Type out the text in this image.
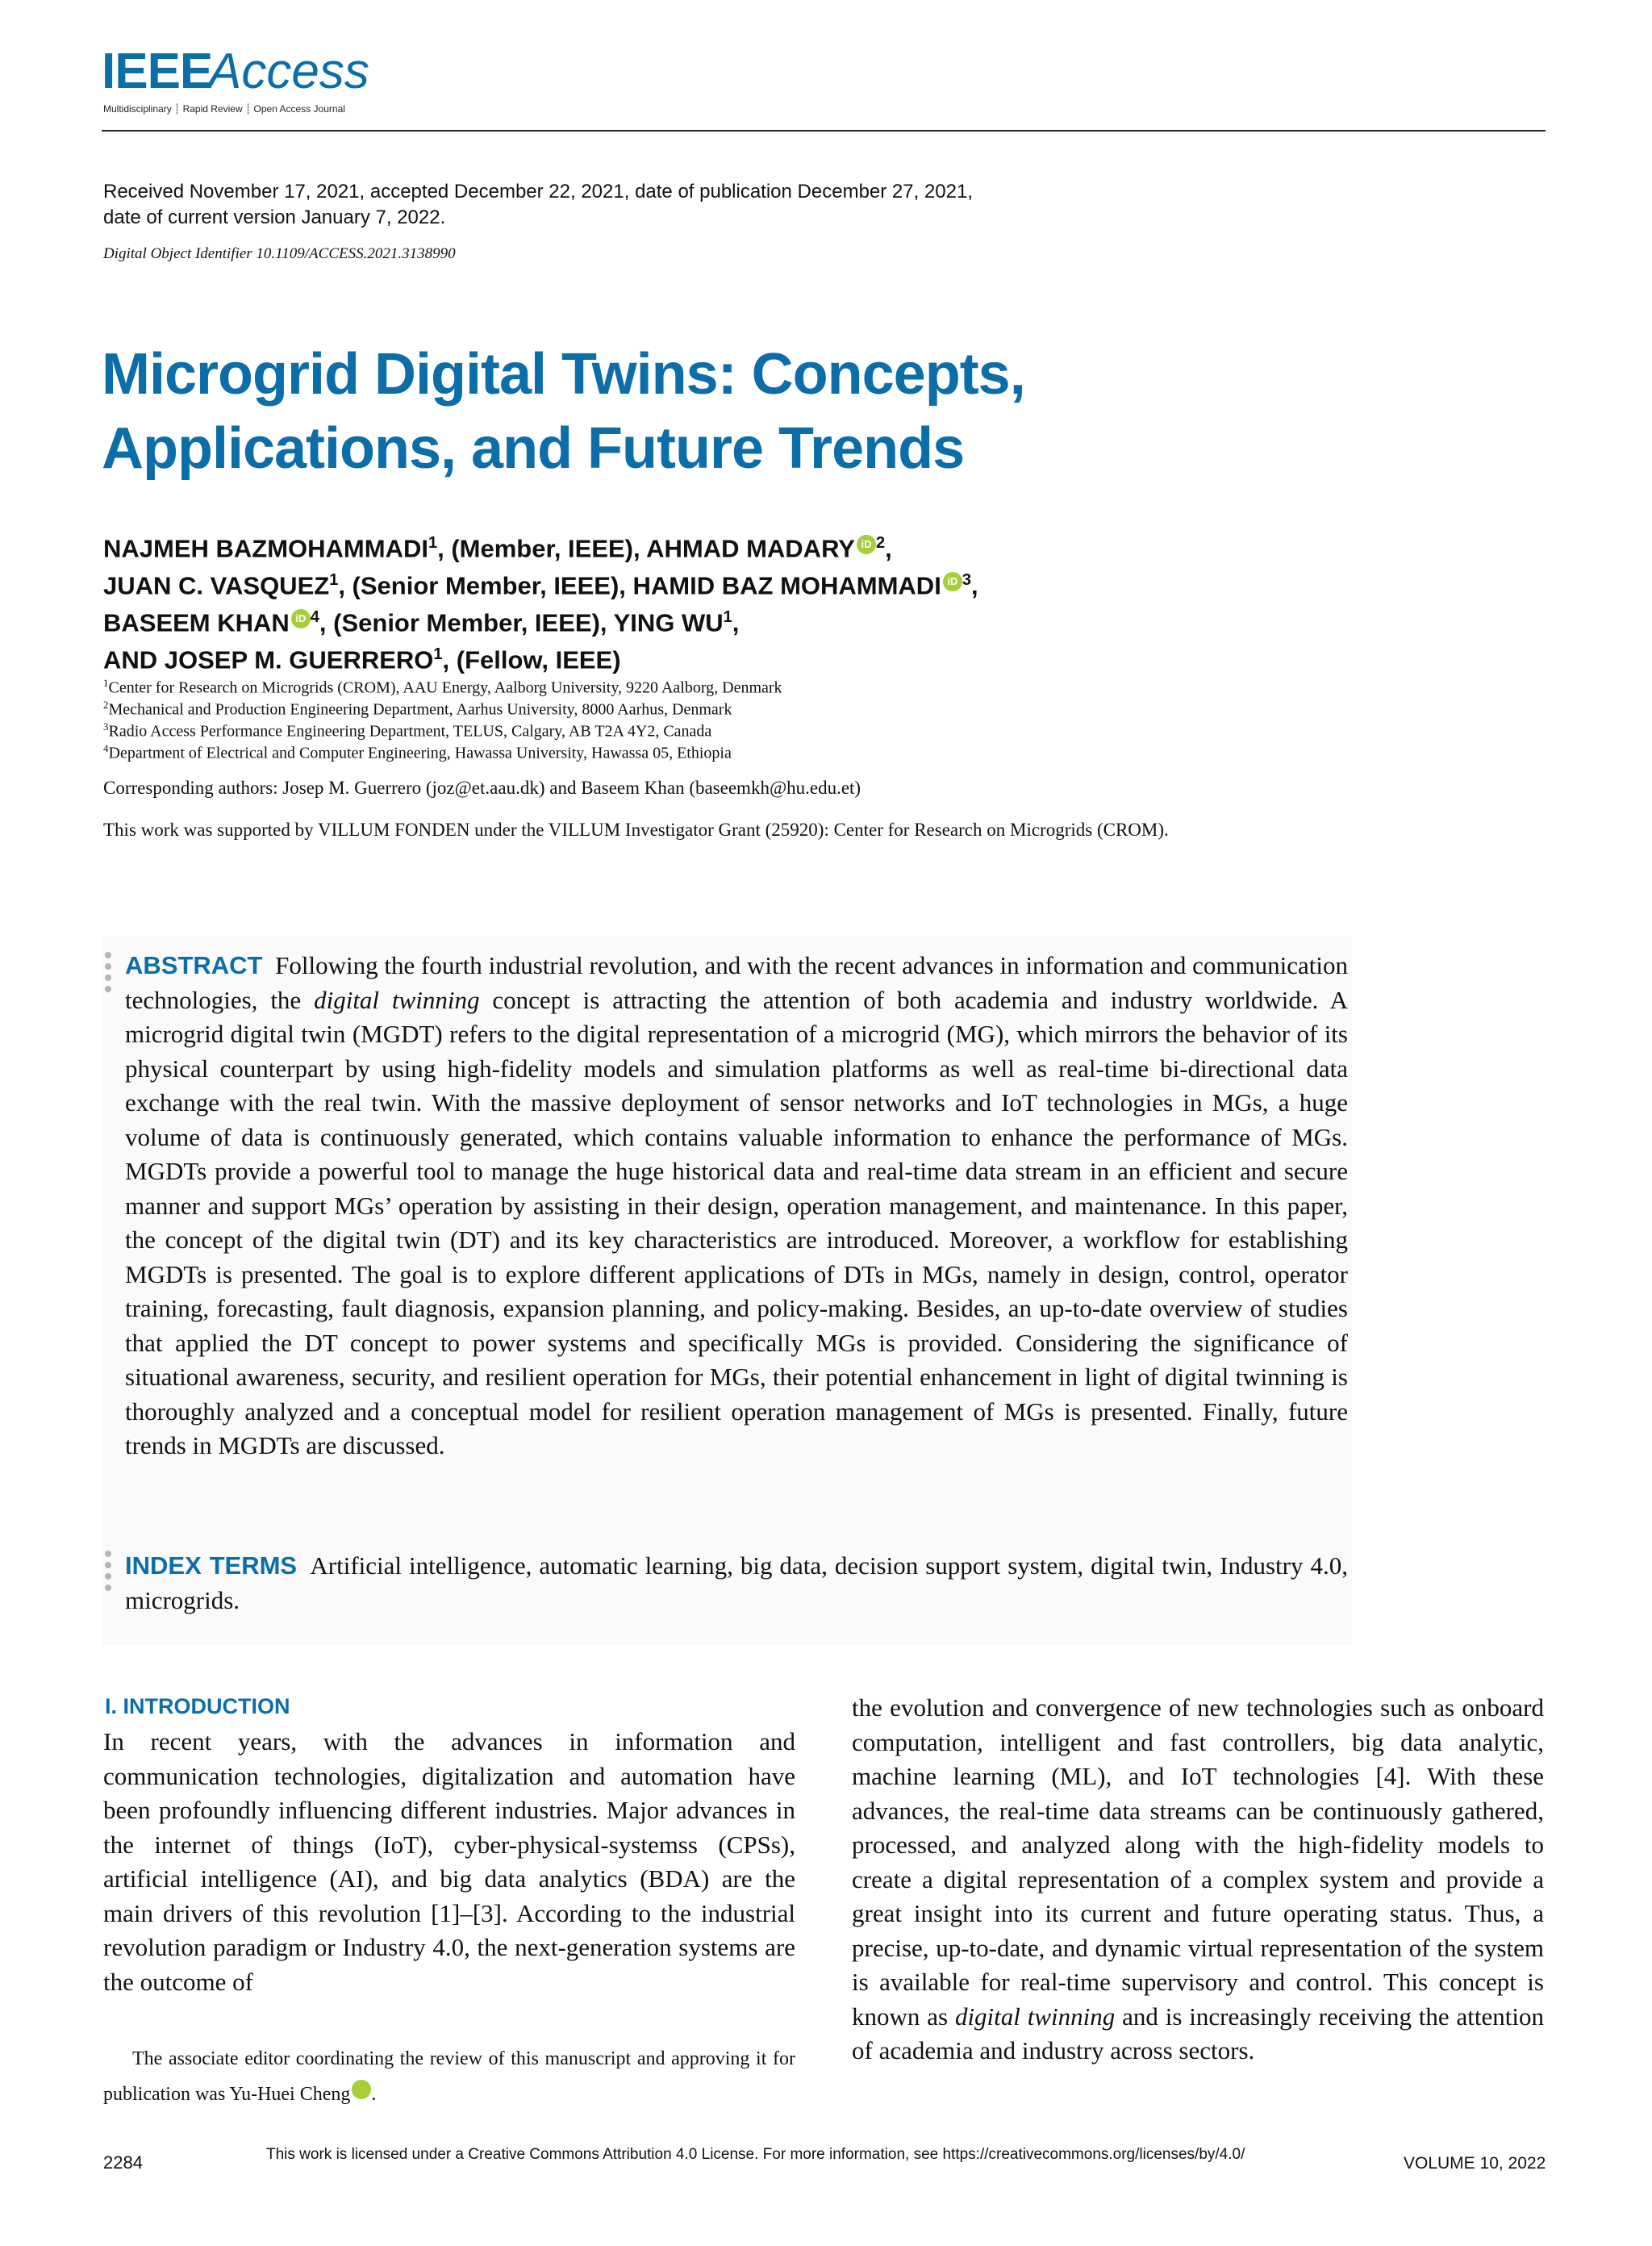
IEEE
Access
Multidisciplinary ┊ Rapid Review ┊ Open Access Journal
Received November 17, 2021, accepted December 22, 2021, date of publication December 27, 2021,
date of current version January 7, 2022.
Digital Object Identifier 10.1109/ACCESS.2021.3138990
Microgrid Digital Twins: Concepts, Applications, and Future Trends
NAJMEH BAZMOHAMMADI$^1$, (Member, IEEE), AHMAD MADARY iD $^2$,
JUAN C. VASQUEZ$^1$, (Senior Member, IEEE), HAMID BAZ MOHAMMADI iD $^3$,
BASEEM KHAN iD $^4$, (Senior Member, IEEE), YING $WU^1$,
AND JOSEP M. GUERRERO$^1$, (Fellow, IEEE)
$^1$Center for Research on Microgrids (CROM), AAU Energy, Aalborg University, 9220 Aalborg, Denmark
$^2$Mechanical and Production Engineering Department, Aarhus University, 8000 Aarhus, Denmark
$^3$Radio Access Performance Engineering Department, TELUS, Calgary, AB T2A 4Y2, Canada
$^4$Department of Electrical and Computer Engineering, Hawassa University, Hawassa 05, Ethiopia
Corresponding authors: Josep M. Guerrero (joz@et.aau.dk) and Baseem Khan (baseemkh@hu.edu.et)
This work was supported by VILLUM FONDEN under the VILLUM Investigator Grant (25920): Center for Research on Microgrids (CROM).
ABSTRACT Following the fourth industrial revolution, and with the recent advances in information and communication technologies, the digital twinning concept is attracting the attention of both academia and industry worldwide. A microgrid digital twin (MGDT) refers to the digital representation of a microgrid (MG), which mirrors the behavior of its physical counterpart by using high-fidelity models and simulation platforms as well as real-time bi-directional data exchange with the real twin. With the massive deployment of sensor networks and IoT technologies in MGs, a huge volume of data is continuously generated, which contains valuable information to enhance the performance of MGs. MGDTs provide a powerful tool to manage the huge historical data and real-time data stream in an efficient and secure manner and support MGs’ operation by assisting in their design, operation management, and maintenance. In this paper, the concept of the digital twin (DT) and its key characteristics are introduced. Moreover, a workflow for establishing MGDTs is presented. The goal is to explore different applications of DTs in MGs, namely in design, control, operator training, forecasting, fault diagnosis, expansion planning, and policy-making. Besides, an up-to-date overview of studies that applied the DT concept to power systems and specifically MGs is provided. Considering the significance of situational awareness, security, and resilient operation for MGs, their potential enhancement in light of digital twinning is thoroughly analyzed and a conceptual model for resilient operation management of MGs is presented. Finally, future trends in MGDTs are discussed.
INDEX TERMS Artificial intelligence, automatic learning, big data, decision support system, digital twin, Industry 4.0, microgrids.
I. INTRODUCTION
In recent years, with the advances in information and communication technologies, digitalization and automation have been profoundly influencing different industries. Major advances in the internet of things (IoT), cyber-physical-systemss (CPSs), artificial intelligence (AI), and big data analytics (BDA) are the main drivers of this revolution [1]–[3]. According to the industrial revolution paradigm or Industry 4.0, the next-generation systems are the outcome of
the evolution and convergence of new technologies such as onboard computation, intelligent and fast controllers, big data analytic, machine learning (ML), and IoT technologies [4]. With these advances, the real-time data streams can be continuously gathered, processed, and analyzed along with the high-fidelity models to create a digital representation of a complex system and provide a great insight into its current and future operating status. Thus, a precise, up-to-date, and dynamic virtual representation of the system is available for real-time supervisory and control. This concept is known as digital twinning and is increasingly receiving the attention of academia and industry across sectors.
The associate editor coordinating the review of this manuscript and approving it for publication was Yu-Huei Cheng	iD.
2284	This work is licensed under a Creative Commons Attribution 4.0 License. For more information, see https://creativecommons.org/licenses/by/4.0/	VOLUME 10, 2022
